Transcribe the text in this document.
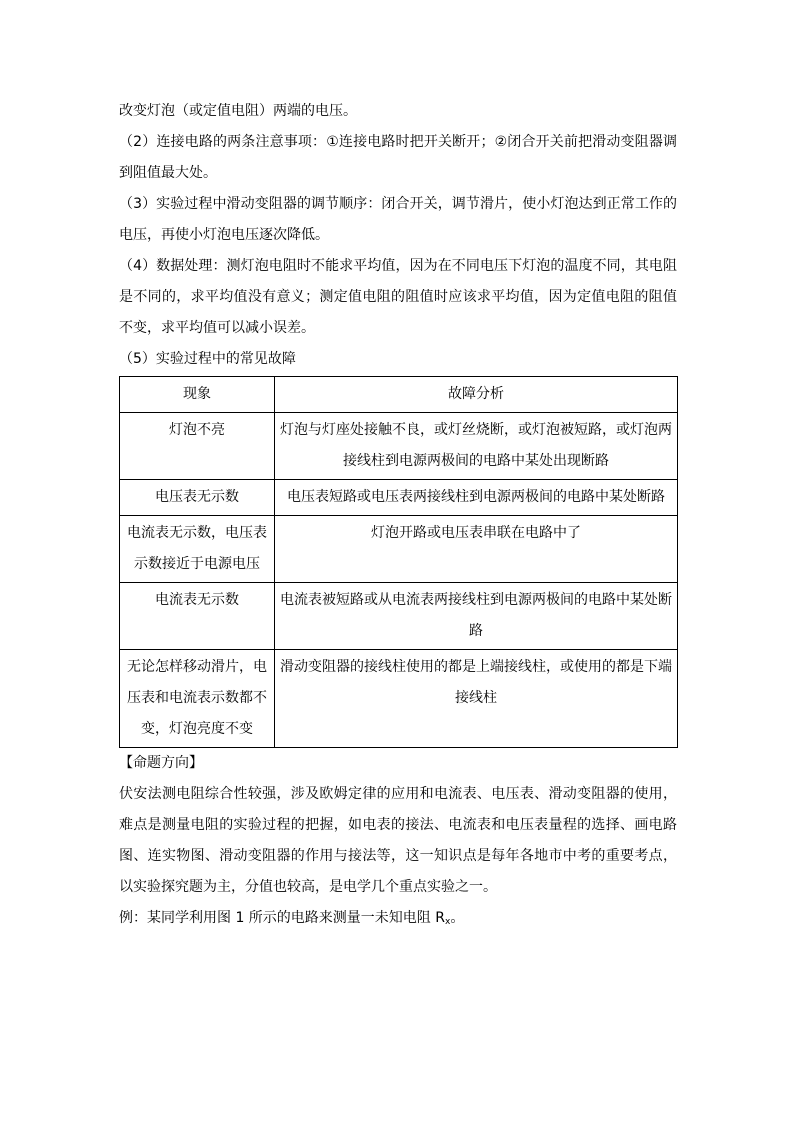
改变灯泡（或定值电阻）两端的电压。

（2）连接电路的两条注意事项：①连接电路时把开关断开；②闭合开关前把滑动变阻器调到阻值最大处。

（3）实验过程中滑动变阻器的调节顺序：闭合开关，调节滑片，使小灯泡达到正常工作的电压，再使小灯泡电压逐次降低。

（4）数据处理：测灯泡电阻时不能求平均值，因为在不同电压下灯泡的温度不同，其电阻是不同的，求平均值没有意义；测定值电阻的阻值时应该求平均值，因为定值电阻的阻值不变，求平均值可以减小误差。

（5）实验过程中的常见故障

现象	故障分析
灯泡不亮	灯泡与灯座处接触不良，或灯丝烧断，或灯泡被短路，或灯泡两接线柱到电源两极间的电路中某处出现断路
电压表无示数	电压表短路或电压表两接线柱到电源两极间的电路中某处断路
电流表无示数，电压表示数接近于电源电压	灯泡开路或电压表串联在电路中了
电流表无示数	电流表被短路或从电流表两接线柱到电源两极间的电路中某处断路
无论怎样移动滑片，电压表和电流表示数都不变，灯泡亮度不变	滑动变阻器的接线柱使用的都是上端接线柱，或使用的都是下端接线柱

【命题方向】

伏安法测电阻综合性较强，涉及欧姆定律的应用和电流表、电压表、滑动变阻器的使用，难点是测量电阻的实验过程的把握，如电表的接法、电流表和电压表量程的选择、画电路图、连实物图、滑动变阻器的作用与接法等，这一知识点是每年各地市中考的重要考点，以实验探究题为主，分值也较高，是电学几个重点实验之一。

例：某同学利用图 1 所示的电路来测量一未知电阻 $R_x$。
